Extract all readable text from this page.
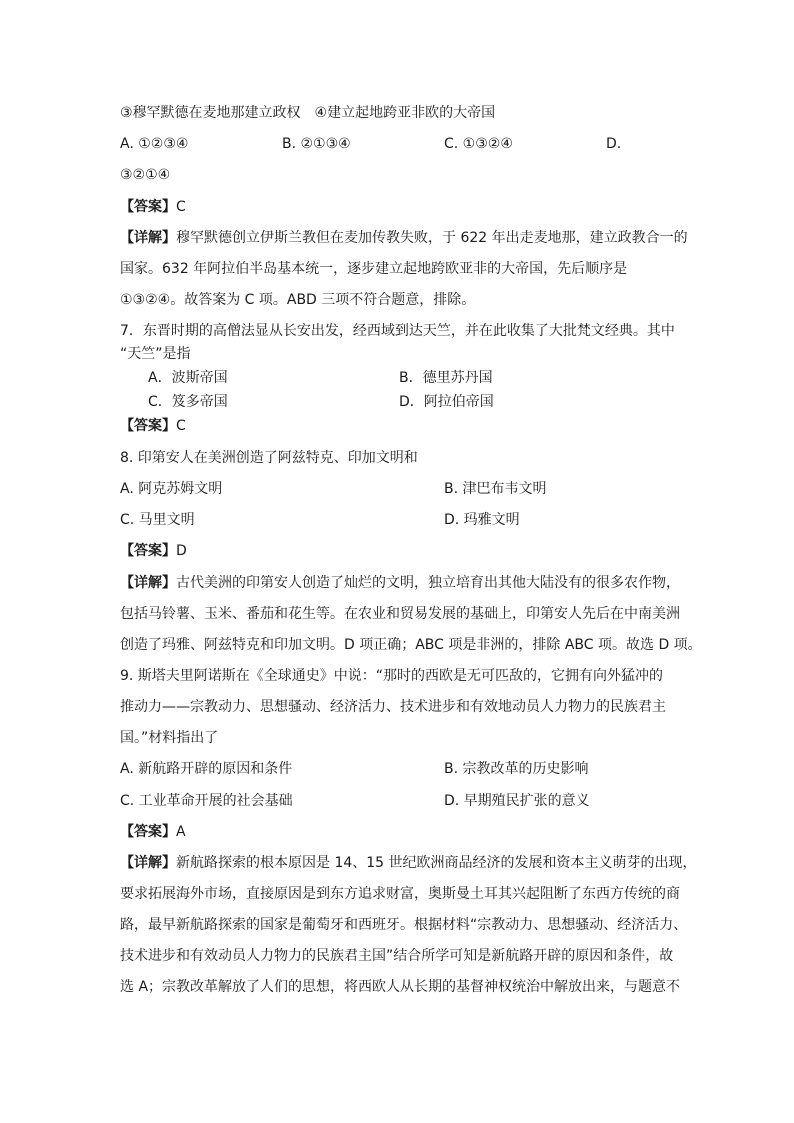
③穆罕默德在麦地那建立政权　④建立起地跨亚非欧的大帝国
A. ①②③④	B. ②①③④	C. ①③②④	D.
③②①④
【答案】C
【详解】穆罕默德创立伊斯兰教但在麦加传教失败，于 622 年出走麦地那，建立政教合一的
国家。632 年阿拉伯半岛基本统一，逐步建立起地跨欧亚非的大帝国，先后顺序是
①③②④。故答案为 C 项。ABD 三项不符合题意，排除。
7．东晋时期的高僧法显从长安出发，经西域到达天竺，并在此收集了大批梵文经典。其中
“天竺”是指
A．波斯帝国	B．德里苏丹国
C．笈多帝国	D．阿拉伯帝国
【答案】C
8. 印第安人在美洲创造了阿兹特克、印加文明和
A. 阿克苏姆文明	B. 津巴布韦文明
C. 马里文明	D. 玛雅文明
【答案】D
【详解】古代美洲的印第安人创造了灿烂的文明，独立培育出其他大陆没有的很多农作物，
包括马铃薯、玉米、番茄和花生等。在农业和贸易发展的基础上，印第安人先后在中南美洲
创造了玛雅、阿兹特克和印加文明。D 项正确；ABC 项是非洲的，排除 ABC 项。故选 D 项。
9. 斯塔夫里阿诺斯在《全球通史》中说：“那时的西欧是无可匹敌的，它拥有向外猛冲的
推动力——宗教动力、思想骚动、经济活力、技术进步和有效地动员人力物力的民族君主
国。”材料指出了
A. 新航路开辟的原因和条件	B. 宗教改革的历史影响
C. 工业革命开展的社会基础	D. 早期殖民扩张的意义
【答案】A
【详解】新航路探索的根本原因是 14、15 世纪欧洲商品经济的发展和资本主义萌芽的出现，
要求拓展海外市场，直接原因是到东方追求财富，奥斯曼土耳其兴起阻断了东西方传统的商
路，最早新航路探索的国家是葡萄牙和西班牙。根据材料“宗教动力、思想骚动、经济活力、
技术进步和有效动员人力物力的民族君主国”结合所学可知是新航路开辟的原因和条件，故
选 A；宗教改革解放了人们的思想，将西欧人从长期的基督神权统治中解放出来，与题意不
